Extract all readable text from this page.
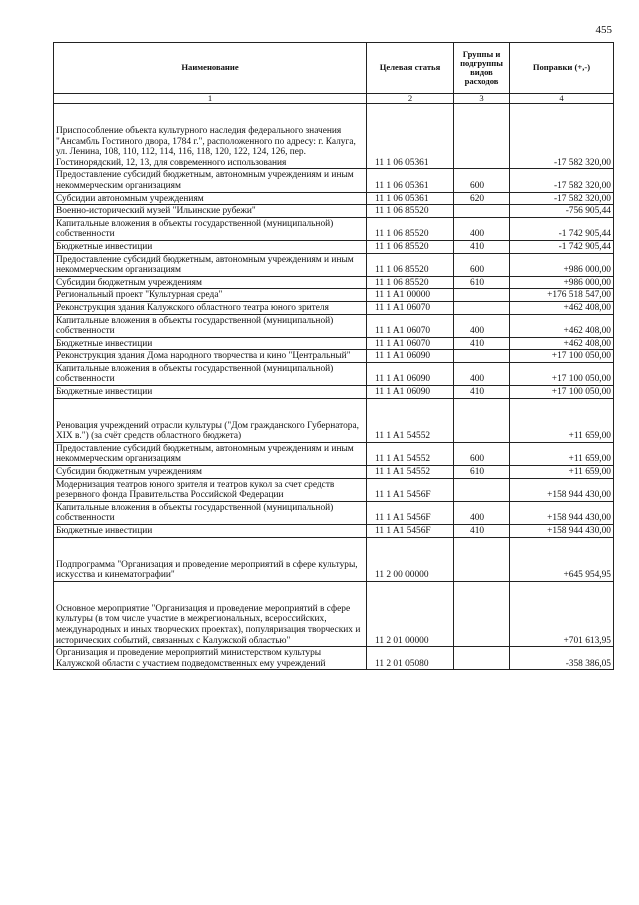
455
Наименование	Целевая статья	Группы и подгруппы видов расходов	Поправки (+,-)
1	2	3	4
Приспособление объекта культурного наследия федерального значения "Ансамбль Гостиного двора, 1784 г.", расположенного по адресу: г. Калуга, ул. Ленина, 108, 110, 112, 114, 116, 118, 120, 122, 124, 126, пер. Гостинорядский, 12, 13, для современного использования	11 1 06 05361		-17 582 320,00
Предоставление субсидий бюджетным, автономным учреждениям и иным некоммерческим организациям	11 1 06 05361	600	-17 582 320,00
Субсидии автономным учреждениям	11 1 06 05361	620	-17 582 320,00
Военно-исторический музей "Ильинские рубежи"	11 1 06 85520		-756 905,44
Капитальные вложения в объекты государственной (муниципальной) собственности	11 1 06 85520	400	-1 742 905,44
Бюджетные инвестиции	11 1 06 85520	410	-1 742 905,44
Предоставление субсидий бюджетным, автономным учреждениям и иным некоммерческим организациям	11 1 06 85520	600	+986 000,00
Субсидии бюджетным учреждениям	11 1 06 85520	610	+986 000,00
Региональный проект "Культурная среда"	11 1 A1 00000		+176 518 547,00
Реконструкция здания Калужского областного театра юного зрителя	11 1 A1 06070		+462 408,00
Капитальные вложения в объекты государственной (муниципальной) собственности	11 1 A1 06070	400	+462 408,00
Бюджетные инвестиции	11 1 A1 06070	410	+462 408,00
Реконструкция здания Дома народного творчества и кино "Центральный"	11 1 A1 06090		+17 100 050,00
Капитальные вложения в объекты государственной (муниципальной) собственности	11 1 A1 06090	400	+17 100 050,00
Бюджетные инвестиции	11 1 A1 06090	410	+17 100 050,00
Реновация учреждений отрасли культуры ("Дом гражданского Губернатора, XIX в.") (за счёт средств областного бюджета)	11 1 A1 54552		+11 659,00
Предоставление субсидий бюджетным, автономным учреждениям и иным некоммерческим организациям	11 1 A1 54552	600	+11 659,00
Субсидии бюджетным учреждениям	11 1 A1 54552	610	+11 659,00
Модернизация театров юного зрителя и театров кукол за счет средств резервного фонда Правительства Российской Федерации	11 1 A1 5456F		+158 944 430,00
Капитальные вложения в объекты государственной (муниципальной) собственности	11 1 A1 5456F	400	+158 944 430,00
Бюджетные инвестиции	11 1 A1 5456F	410	+158 944 430,00
Подпрограмма "Организация и проведение мероприятий в сфере культуры, искусства и кинематографии"	11 2 00 00000		+645 954,95
Основное мероприятие "Организация и проведение мероприятий в сфере культуры (в том числе участие в межрегиональных, всероссийских, международных и иных творческих проектах), популяризация творческих и исторических событий, связанных с Калужской областью"	11 2 01 00000		+701 613,95
Организация и проведение мероприятий министерством культуры Калужской области с участием подведомственных ему учреждений	11 2 01 05080		-358 386,05
